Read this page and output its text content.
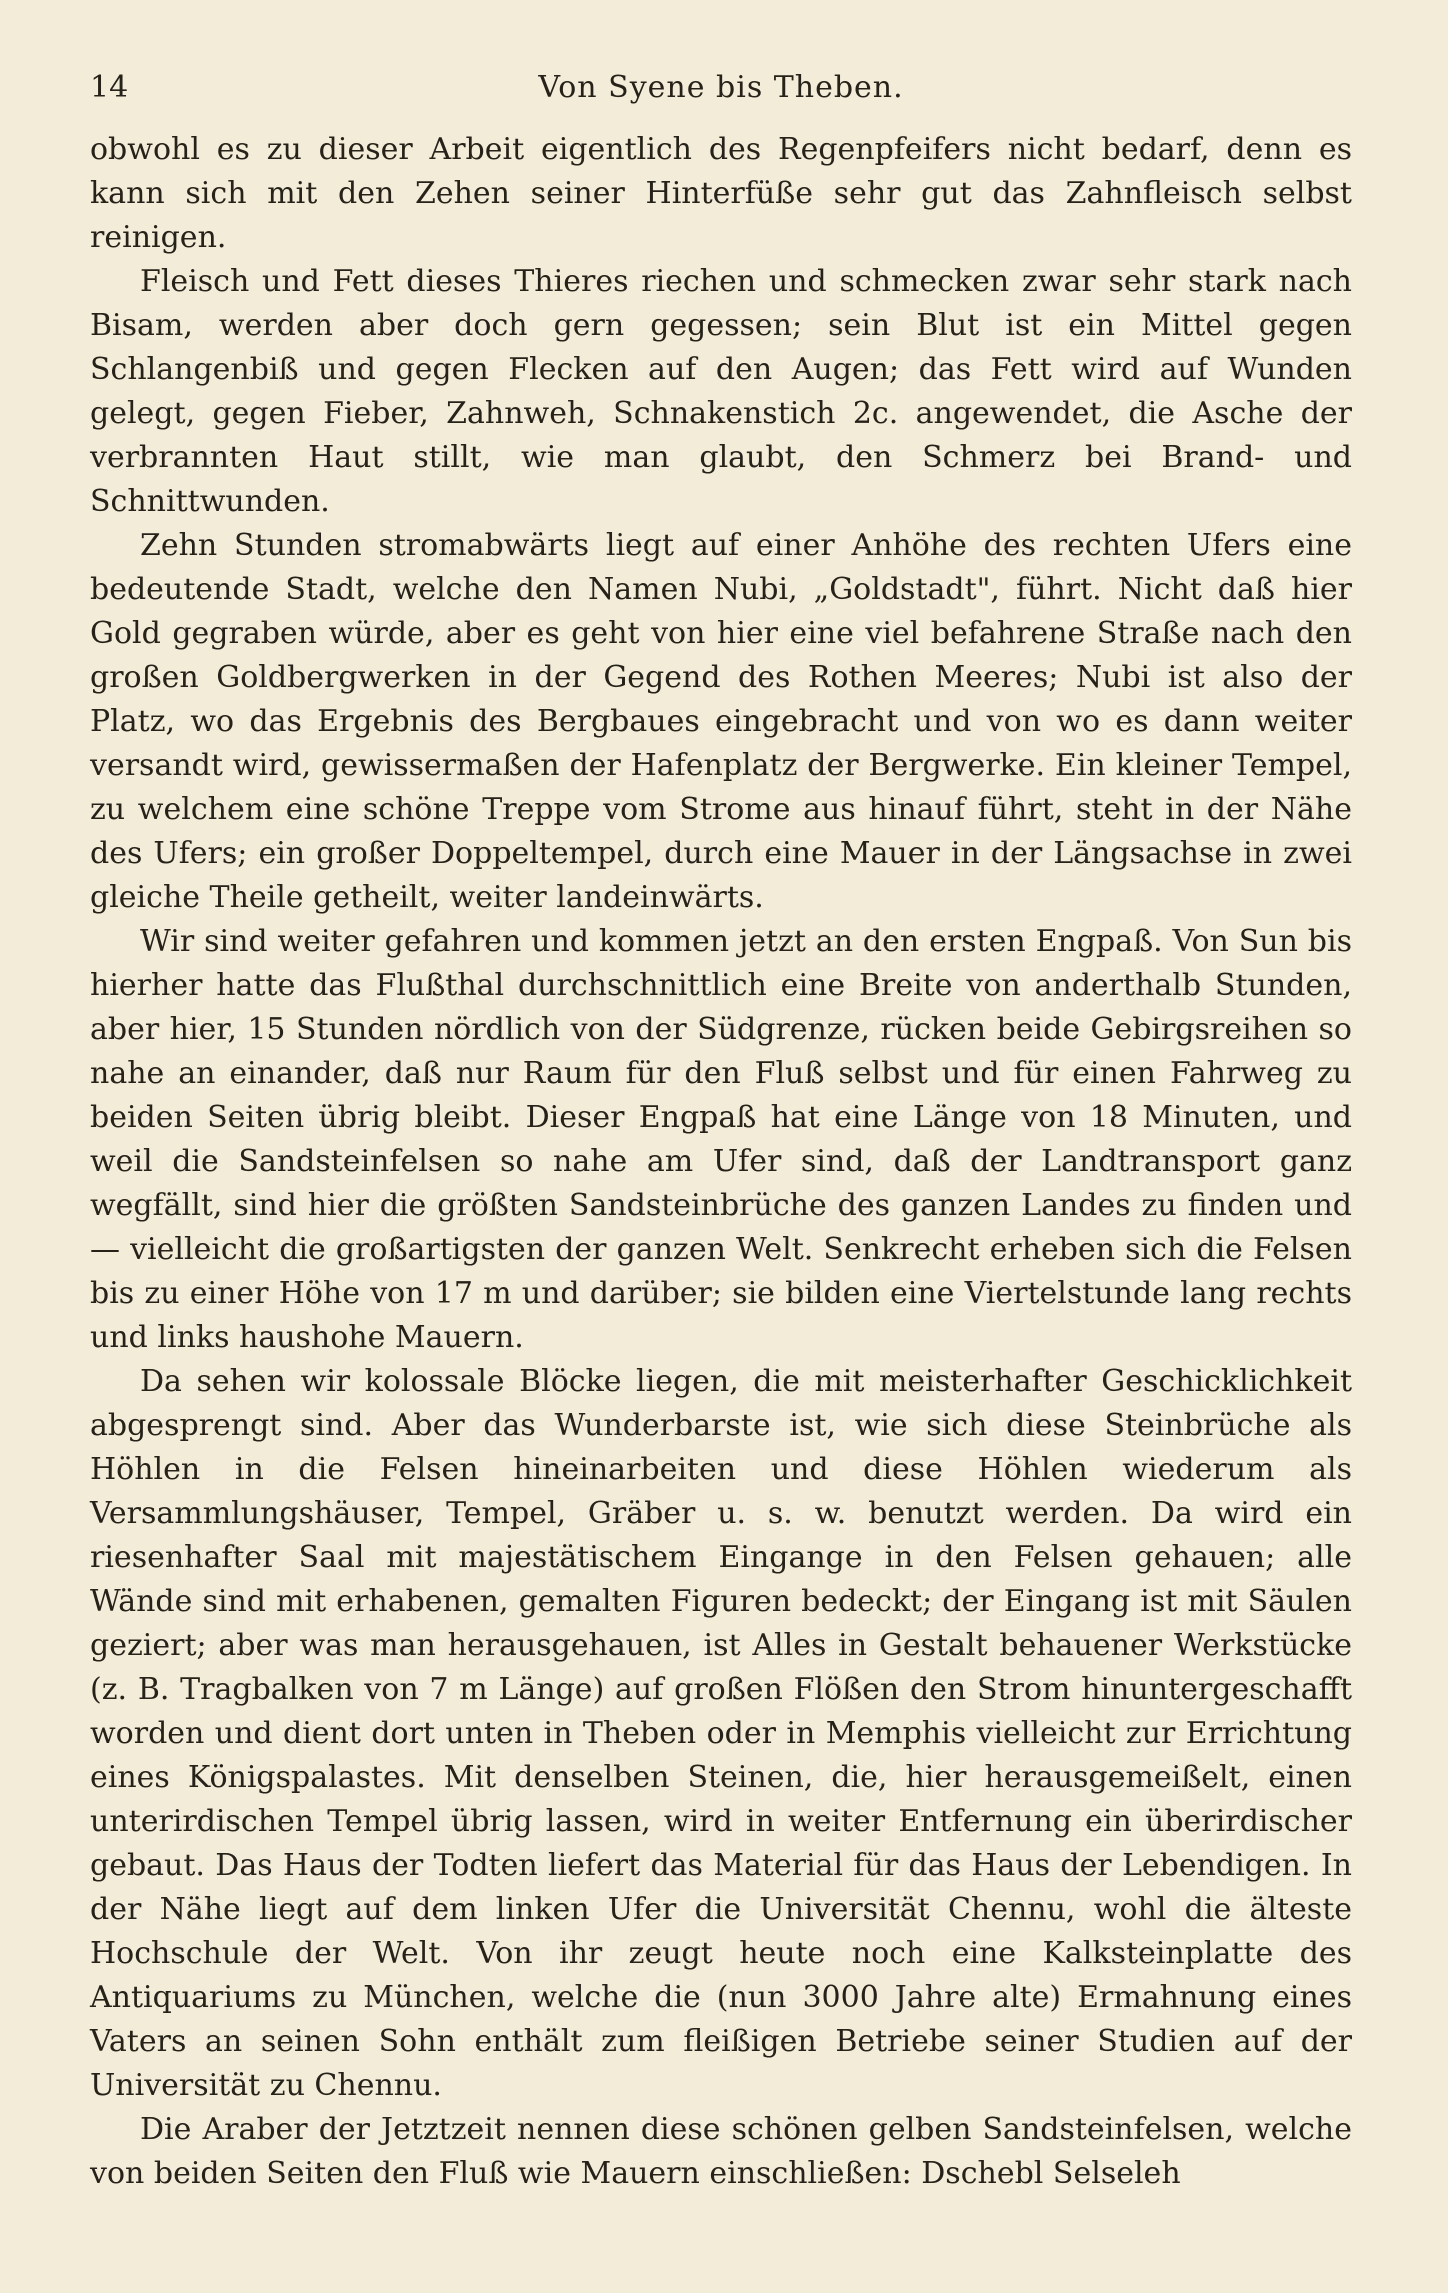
14	Von Syene bis Theben.

obwohl es zu dieser Arbeit eigentlich des Regenpfeifers nicht bedarf, denn es kann sich mit den Zehen seiner Hinterfüße sehr gut das Zahnfleisch selbst reinigen.

Fleisch und Fett dieses Thieres riechen und schmecken zwar sehr stark nach Bisam, werden aber doch gern gegessen; sein Blut ist ein Mittel gegen Schlangenbiß und gegen Flecken auf den Augen; das Fett wird auf Wunden gelegt, gegen Fieber, Zahnweh, Schnakenstich 2c. angewendet, die Asche der verbrannten Haut stillt, wie man glaubt, den Schmerz bei Brand- und Schnittwunden.

Zehn Stunden stromabwärts liegt auf einer Anhöhe des rechten Ufers eine bedeutende Stadt, welche den Namen Nubi, „Goldstadt", führt. Nicht daß hier Gold gegraben würde, aber es geht von hier eine viel befahrene Straße nach den großen Goldbergwerken in der Gegend des Rothen Meeres; Nubi ist also der Platz, wo das Ergebnis des Bergbaues eingebracht und von wo es dann weiter versandt wird, gewissermaßen der Hafenplatz der Bergwerke. Ein kleiner Tempel, zu welchem eine schöne Treppe vom Strome aus hinauf führt, steht in der Nähe des Ufers; ein großer Doppeltempel, durch eine Mauer in der Längsachse in zwei gleiche Theile getheilt, weiter landeinwärts.

Wir sind weiter gefahren und kommen jetzt an den ersten Engpaß. Von Sun bis hierher hatte das Flußthal durchschnittlich eine Breite von anderthalb Stunden, aber hier, 15 Stunden nördlich von der Südgrenze, rücken beide Gebirgsreihen so nahe an einander, daß nur Raum für den Fluß selbst und für einen Fahrweg zu beiden Seiten übrig bleibt. Dieser Engpaß hat eine Länge von 18 Minuten, und weil die Sandsteinfelsen so nahe am Ufer sind, daß der Landtransport ganz wegfällt, sind hier die größten Sandsteinbrüche des ganzen Landes zu finden und — vielleicht die großartigsten der ganzen Welt. Senkrecht erheben sich die Felsen bis zu einer Höhe von 17 m und darüber; sie bilden eine Viertelstunde lang rechts und links haushohe Mauern.

Da sehen wir kolossale Blöcke liegen, die mit meisterhafter Geschicklichkeit abgesprengt sind. Aber das Wunderbarste ist, wie sich diese Steinbrüche als Höhlen in die Felsen hineinarbeiten und diese Höhlen wiederum als Versammlungshäuser, Tempel, Gräber u. s. w. benutzt werden. Da wird ein riesenhafter Saal mit majestätischem Eingange in den Felsen gehauen; alle Wände sind mit erhabenen, gemalten Figuren bedeckt; der Eingang ist mit Säulen geziert; aber was man herausgehauen, ist Alles in Gestalt behauener Werkstücke (z. B. Tragbalken von 7 m Länge) auf großen Flößen den Strom hinuntergeschafft worden und dient dort unten in Theben oder in Memphis vielleicht zur Errichtung eines Königspalastes. Mit denselben Steinen, die, hier herausgemeißelt, einen unterirdischen Tempel übrig lassen, wird in weiter Entfernung ein überirdischer gebaut. Das Haus der Todten liefert das Material für das Haus der Lebendigen. In der Nähe liegt auf dem linken Ufer die Universität Chennu, wohl die älteste Hochschule der Welt. Von ihr zeugt heute noch eine Kalksteinplatte des Antiquariums zu München, welche die (nun 3000 Jahre alte) Ermahnung eines Vaters an seinen Sohn enthält zum fleißigen Betriebe seiner Studien auf der Universität zu Chennu.

Die Araber der Jetztzeit nennen diese schönen gelben Sandsteinfelsen, welche von beiden Seiten den Fluß wie Mauern einschließen: Dschebl Selseleh
